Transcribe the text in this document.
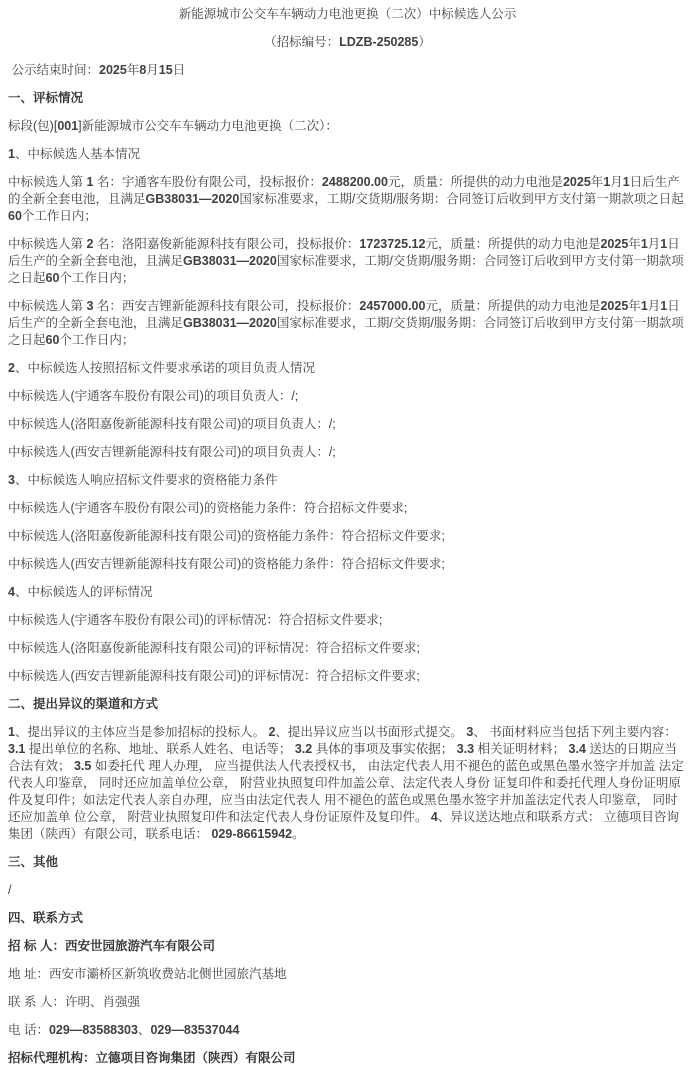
新能源城市公交车车辆动力电池更换（二次）中标候选人公示

（招标编号：LDZB-250285）

公示结束时间：2025年8月15日

一、评标情况

标段(包)[001]新能源城市公交车车辆动力电池更换（二次）：

1、中标候选人基本情况

中标候选人第 1 名：宇通客车股份有限公司，投标报价：2488200.00元，质量：所提供的动力电池是2025年1月1日后生产的全新全套电池，且满足GB38031—2020国家标准要求，工期/交货期/服务期：合同签订后收到甲方支付第一期款项之日起60个工作日内；

中标候选人第 2 名：洛阳嘉俊新能源科技有限公司，投标报价：1723725.12元，质量：所提供的动力电池是2025年1月1日后生产的全新全套电池，且满足GB38031—2020国家标准要求，工期/交货期/服务期：合同签订后收到甲方支付第一期款项之日起60个工作日内；

中标候选人第 3 名：西安吉锂新能源科技有限公司，投标报价：2457000.00元，质量：所提供的动力电池是2025年1月1日后生产的全新全套电池，且满足GB38031—2020国家标准要求，工期/交货期/服务期：合同签订后收到甲方支付第一期款项之日起60个工作日内；

2、中标候选人按照招标文件要求承诺的项目负责人情况

中标候选人(宇通客车股份有限公司)的项目负责人：/;

中标候选人(洛阳嘉俊新能源科技有限公司)的项目负责人：/;

中标候选人(西安吉锂新能源科技有限公司)的项目负责人：/;

3、中标候选人响应招标文件要求的资格能力条件

中标候选人(宇通客车股份有限公司)的资格能力条件：符合招标文件要求;

中标候选人(洛阳嘉俊新能源科技有限公司)的资格能力条件：符合招标文件要求;

中标候选人(西安吉锂新能源科技有限公司)的资格能力条件：符合招标文件要求;

4、中标候选人的评标情况

中标候选人(宇通客车股份有限公司)的评标情况：符合招标文件要求;

中标候选人(洛阳嘉俊新能源科技有限公司)的评标情况：符合招标文件要求;

中标候选人(西安吉锂新能源科技有限公司)的评标情况：符合招标文件要求;

二、提出异议的渠道和方式

1、提出异议的主体应当是参加招标的投标人。 2、提出异议应当以书面形式提交。 3、 书面材料应当包括下列主要内容： 3.1 提出单位的名称、地址、联系人姓名、电话等； 3.2 具体的事项及事实依据； 3.3 相关证明材料； 3.4 送达的日期应当合法有效； 3.5 如委托代 理人办理， 应当提供法人代表授权书， 由法定代表人用不褪色的蓝色或黑色墨水签字并加盖 法定代表人印鉴章， 同时还应加盖单位公章， 附营业执照复印件加盖公章、法定代表人身份 证复印件和委托代理人身份证明原件及复印件；如法定代表人亲自办理，应当由法定代表人 用不褪色的蓝色或黑色墨水签字并加盖法定代表人印鉴章， 同时还应加盖单 位公章， 附营业执照复印件和法定代表人身份证原件及复印件。 4、异议送达地点和联系方式： 立德项目咨询集团（陕西）有限公司，联系电话： 029-86615942。

三、其他

/

四、联系方式

招 标 人：西安世园旅游汽车有限公司

地 址：西安市灞桥区新筑收费站北侧世园旅汽基地

联 系 人：许明、肖强强

电 话：029—83588303、029—83537044

招标代理机构：立德项目咨询集团（陕西）有限公司
